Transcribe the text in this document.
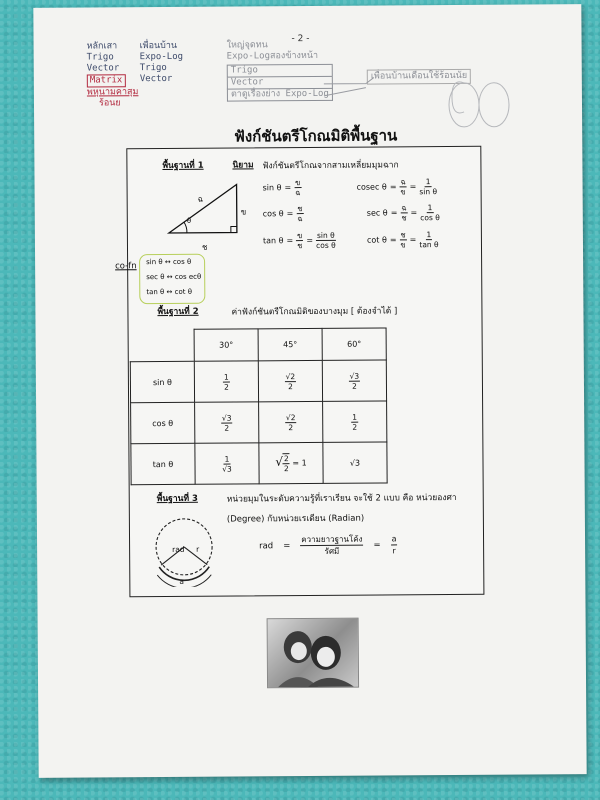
- 2 -
หลักเสา
Trigo
Vector
Matrix
พหุนามคาสุม
ร้อนย
เพื่อนบ้าน
Expo-Log
Trigo
Vector
ใหญ่จุดทน
Expo-Logสองข้างหน้า
Trigo
Vector
ตาดูเรื่องย่าง Expo-Log
เพื่อนบ้านเดือนใช้ร้อนนัย
ฟังก์ชันตรีโกณมิติพื้นฐาน
พื้นฐานที่ 1	นิยาม ฟังก์ชันตรีโกณจากสามเหลี่ยมมุมฉาก
ฉ
ข
ช
θ
$\sin \theta = \frac{\text{ข}}{\text{ฉ}}$
$\cos \theta = \frac{\text{ช}}{\text{ฉ}}$
$\tan \theta = \frac{\text{ข}}{\text{ช}} = \frac{\text{sin θ}}{\text{cos θ}}$
cosec $\theta = \frac{\text{ฉ}}{\text{ข}} = \frac{1}{\text{sin θ}}$
$\sec \theta = \frac{\text{ฉ}}{\text{ช}} = \frac{1}{\text{cos θ}}$
$\cot \theta = \frac{\text{ช}}{\text{ข}} = \frac{1}{\text{tan θ}}$
co-fn	sin θ ↔ cos θ
sec θ ↔ cos ecθ
tan θ ↔ cot θ
พื้นฐานที่ 2	ค่าฟังก์ชันตรีโกณมิติของบางมุม [ ต้องจำได้ ]
	30°	45°	60°
sin θ	$\frac{1}{2}$	$\frac{√2}{2}$	$\frac{√3}{2}$

cos θ	$\frac{√3}{2}$	$\frac{√2}{2}$	$\frac{1}{2}$

tan θ	$\frac{1}{√3}$	√ $\frac{2}{2} = 1$	√3
พื้นฐานที่ 3	หน่วยมุมในระดับความรู้ที่เราเรียน จะใช้ 2 แบบ คือ หน่วยองศา
(Degree) กับหน่วยเรเดียน (Radian)
rad r
a
rad = $\frac{\text{ความยาวฐานโค้ง}}{\text{รัศมี}} = \frac{a}{r}$
